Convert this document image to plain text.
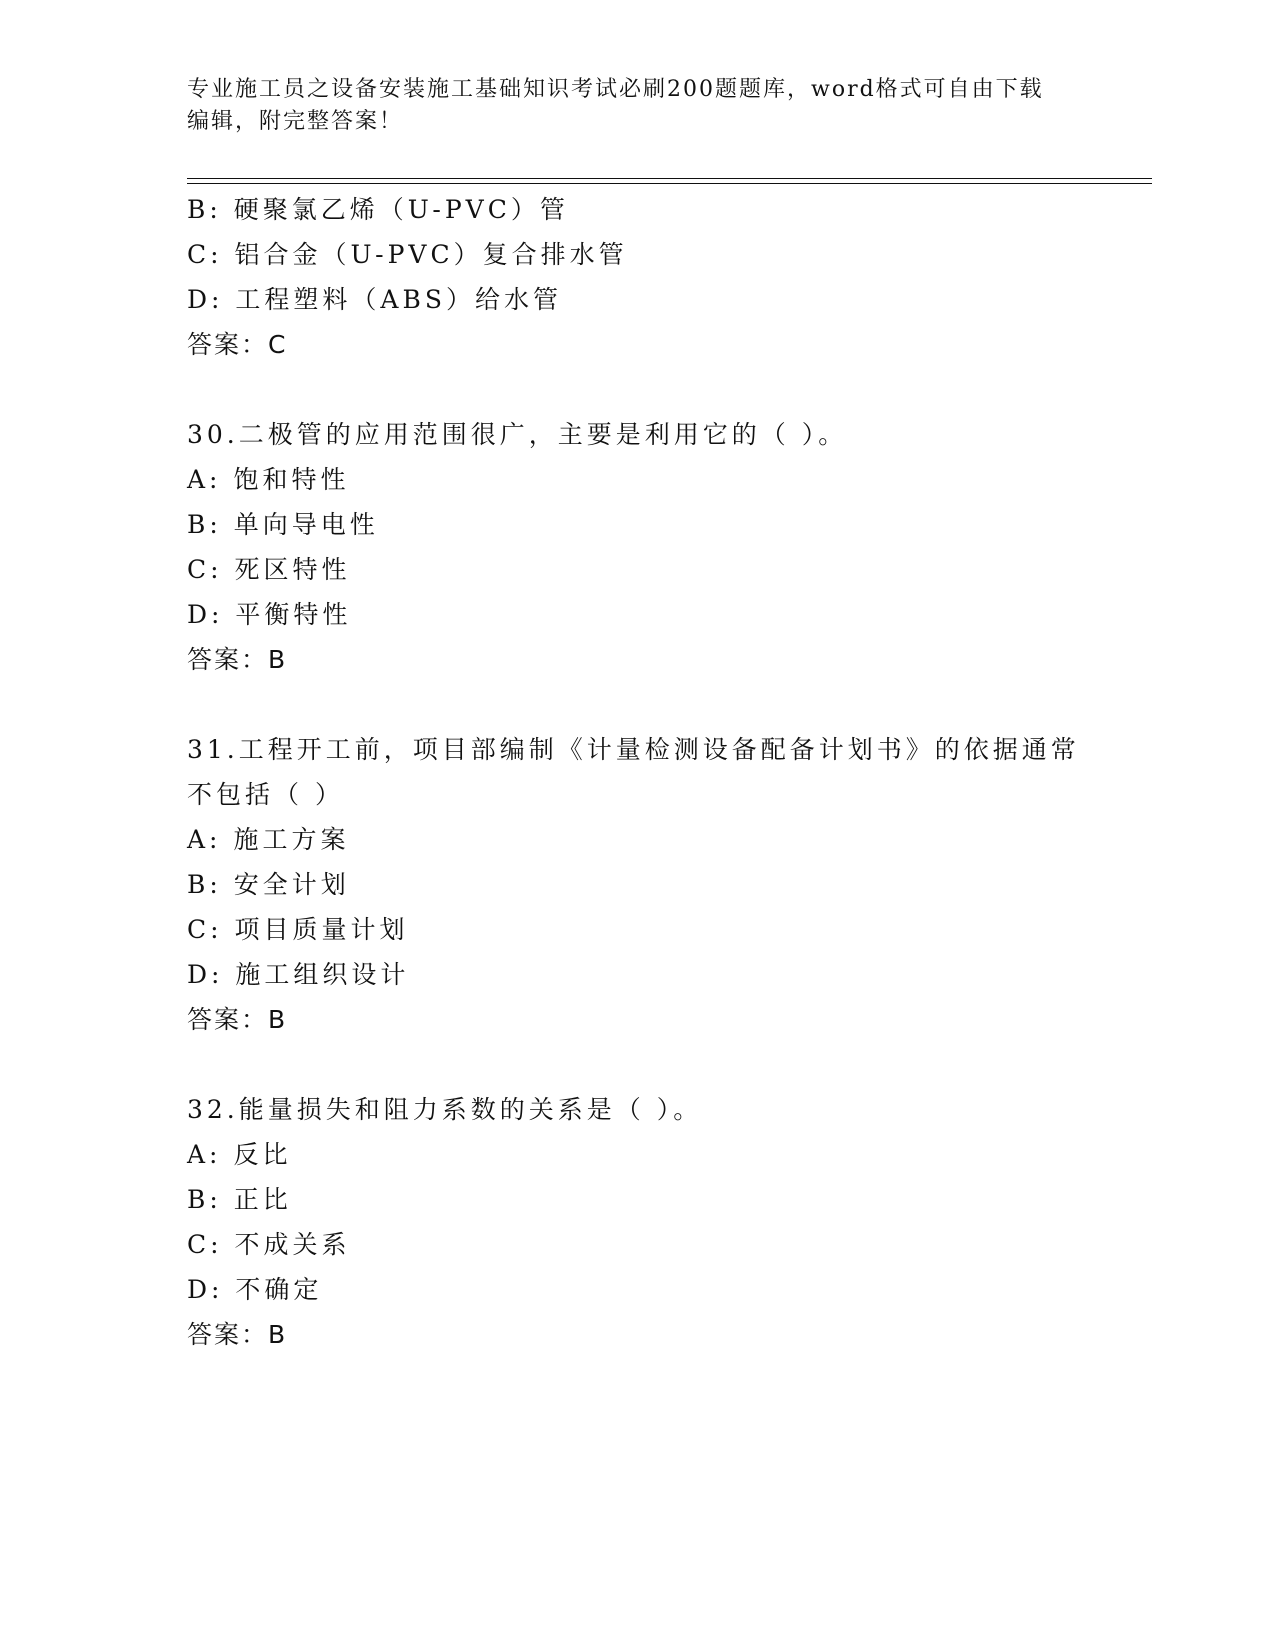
专业施工员之设备安装施工基础知识考试必刷200题题库，word格式可自由下载
编辑，附完整答案！
B: 硬聚氯乙烯（U-PVC）管
C: 铝合金（U-PVC）复合排水管
D: 工程塑料（ABS）给水管
答案：C
30.二极管的应用范围很广，主要是利用它的（ ）。
A: 饱和特性
B: 单向导电性
C: 死区特性
D: 平衡特性
答案：B
31.工程开工前，项目部编制《计量检测设备配备计划书》的依据通常
不包括（ ）
A: 施工方案
B: 安全计划
C: 项目质量计划
D: 施工组织设计
答案：B
32.能量损失和阻力系数的关系是（ ）。
A: 反比
B: 正比
C: 不成关系
D: 不确定
答案：B
